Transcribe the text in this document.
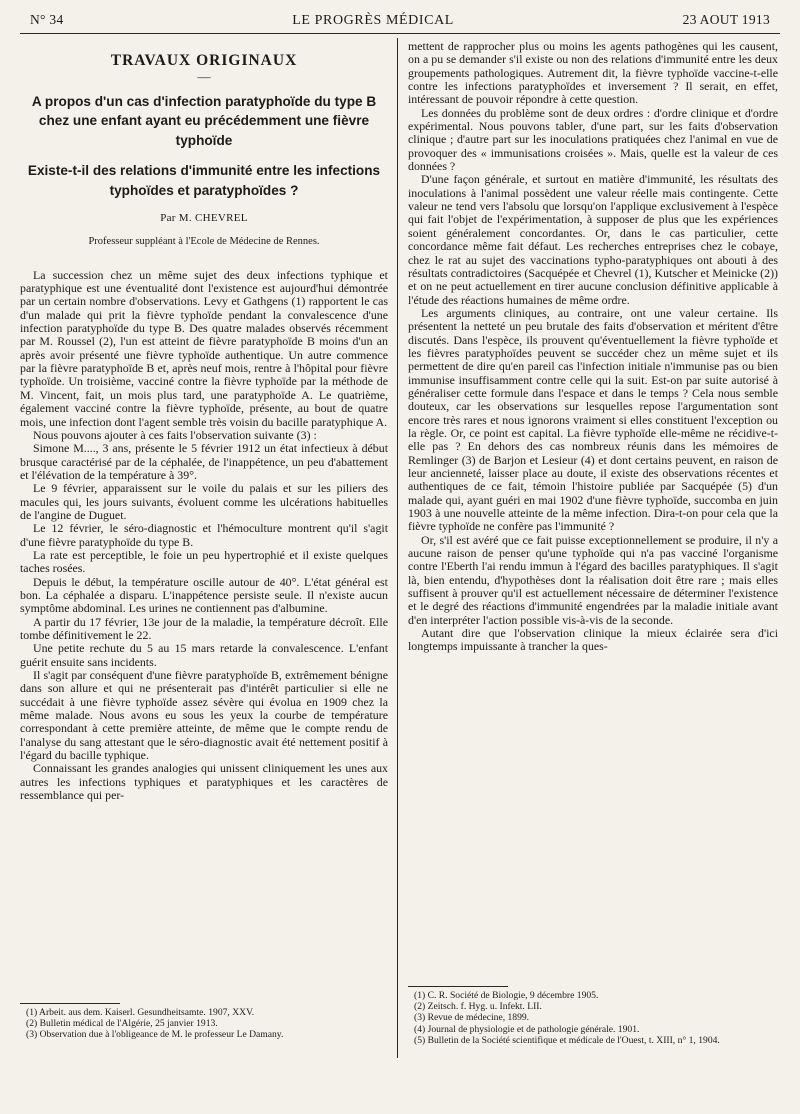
N° 34	LE PROGRÈS MÉDICAL	23 AOUT 1913
TRAVAUX ORIGINAUX
—
A propos d'un cas d'infection paratyphoïde du type B chez une enfant ayant eu précédemment une fièvre typhoïde
Existe-t-il des relations d'immunité entre les infections typhoïdes et paratyphoïdes ?
Par M. CHEVREL
Professeur suppléant à l'Ecole de Médecine de Rennes.

La succession chez un même sujet des deux infections typhique et paratyphique est une éventualité dont l'existence est aujourd'hui démontrée par un certain nombre d'observations. Levy et Gathgens (1) rapportent le cas d'un malade qui prit la fièvre typhoïde pendant la convalescence d'une infection paratyphoïde du type B. Des quatre malades observés récemment par M. Roussel (2), l'un est atteint de fièvre paratyphoïde B moins d'un an après avoir présenté une fièvre typhoïde authentique. Un autre commence par la fièvre paratyphoïde B et, après neuf mois, rentre à l'hôpital pour fièvre typhoïde. Un troisième, vacciné contre la fièvre typhoïde par la méthode de M. Vincent, fait, un mois plus tard, une paratyphoïde A. Le quatrième, également vacciné contre la fièvre typhoïde, présente, au bout de quatre mois, une infection dont l'agent semble très voisin du bacille paratyphique A.

Nous pouvons ajouter à ces faits l'observation suivante (3) :

Simone M...., 3 ans, présente le 5 février 1912 un état infectieux à début brusque caractérisé par de la céphalée, de l'inappétence, un peu d'abattement et l'élévation de la température à 39°.

Le 9 février, apparaissent sur le voile du palais et sur les piliers des macules qui, les jours suivants, évoluent comme les ulcérations habituelles de l'angine de Duguet.

Le 12 février, le séro-diagnostic et l'hémoculture montrent qu'il s'agit d'une fièvre paratyphoïde du type B.

La rate est perceptible, le foie un peu hypertrophié et il existe quelques taches rosées.

Depuis le début, la température oscille autour de 40°. L'état général est bon. La céphalée a disparu. L'inappétence persiste seule. Il n'existe aucun symptôme abdominal. Les urines ne contiennent pas d'albumine.

A partir du 17 février, 13e jour de la maladie, la température décroît. Elle tombe définitivement le 22.

Une petite rechute du 5 au 15 mars retarde la convalescence. L'enfant guérit ensuite sans incidents.

Il s'agit par conséquent d'une fièvre paratyphoïde B, extrêmement bénigne dans son allure et qui ne présenterait pas d'intérêt particulier si elle ne succédait à une fièvre typhoïde assez sévère qui évolua en 1909 chez la même malade. Nous avons eu sous les yeux la courbe de température correspondant à cette première atteinte, de même que le compte rendu de l'analyse du sang attestant que le séro-diagnostic avait été nettement positif à l'égard du bacille typhique.

Connaissant les grandes analogies qui unissent cliniquement les unes aux autres les infections typhiques et paratyphiques et les caractères de ressemblance qui per-

mettent de rapprocher plus ou moins les agents pathogènes qui les causent, on a pu se demander s'il existe ou non des relations d'immunité entre les deux groupements pathologiques. Autrement dit, la fièvre typhoïde vaccine-t-elle contre les infections paratyphoïdes et inversement ? Il serait, en effet, intéressant de pouvoir répondre à cette question.

Les données du problème sont de deux ordres : d'ordre clinique et d'ordre expérimental. Nous pouvons tabler, d'une part, sur les faits d'observation clinique ; d'autre part sur les inoculations pratiquées chez l'animal en vue de provoquer des « immunisations croisées ». Mais, quelle est la valeur de ces données ?

D'une façon générale, et surtout en matière d'immunité, les résultats des inoculations à l'animal possèdent une valeur réelle mais contingente. Cette valeur ne tend vers l'absolu que lorsqu'on l'applique exclusivement à l'espèce qui fait l'objet de l'expérimentation, à supposer de plus que les expériences soient généralement concordantes. Or, dans le cas particulier, cette concordance même fait défaut. Les recherches entreprises chez le cobaye, chez le rat au sujet des vaccinations typho-paratyphiques ont abouti à des résultats contradictoires (Sacquépée et Chevrel (1), Kutscher et Meinicke (2)) et on ne peut actuellement en tirer aucune conclusion définitive applicable à l'étude des réactions humaines de même ordre.

Les arguments cliniques, au contraire, ont une valeur certaine. Ils présentent la netteté un peu brutale des faits d'observation et méritent d'être discutés. Dans l'espèce, ils prouvent qu'éventuellement la fièvre typhoïde et les fièvres paratyphoïdes peuvent se succéder chez un même sujet et ils permettent de dire qu'en pareil cas l'infection initiale n'immunise pas ou bien immunise insuffisamment contre celle qui la suit. Est-on par suite autorisé à généraliser cette formule dans l'espace et dans le temps ? Cela nous semble douteux, car les observations sur lesquelles repose l'argumentation sont encore très rares et nous ignorons vraiment si elles constituent l'exception ou la règle. Or, ce point est capital. La fièvre typhoïde elle-même ne récidive-t-elle pas ? En dehors des cas nombreux réunis dans les mémoires de Remlinger (3) de Barjon et Lesieur (4) et dont certains peuvent, en raison de leur ancienneté, laisser place au doute, il existe des observations récentes et authentiques de ce fait, témoin l'histoire publiée par Sacquépée (5) d'un malade qui, ayant guéri en mai 1902 d'une fièvre typhoïde, succomba en juin 1903 à une nouvelle atteinte de la même infection. Dira-t-on pour cela que la fièvre typhoïde ne confère pas l'immunité ?

Or, s'il est avéré que ce fait puisse exceptionnellement se produire, il n'y a aucune raison de penser qu'une typhoïde qui n'a pas vacciné l'organisme contre l'Eberth l'ai rendu immun à l'égard des bacilles paratyphiques. Il s'agit là, bien entendu, d'hypothèses dont la réalisation doit être rare ; mais elles suffisent à prouver qu'il est actuellement nécessaire de déterminer l'existence et le degré des réactions d'immunité engendrées par la maladie initiale avant d'en interpréter l'action possible vis-à-vis de la seconde.

Autant dire que l'observation clinique la mieux éclairée sera d'ici longtemps impuissante à trancher la ques-

(1) Arbeit. aus dem. Kaiserl. Gesundheitsamte. 1907, XXV.
(2) Bulletin médical de l'Algérie, 25 janvier 1913.
(3) Observation due à l'obligeance de M. le professeur Le Damany.
(1) C. R. Société de Biologie, 9 décembre 1905.
(2) Zeitsch. f. Hyg. u. Infekt. LII.
(3) Revue de médecine, 1899.
(4) Journal de physiologie et de pathologie générale. 1901.
(5) Bulletin de la Société scientifique et médicale de l'Ouest, t. XIII, n° 1, 1904.
